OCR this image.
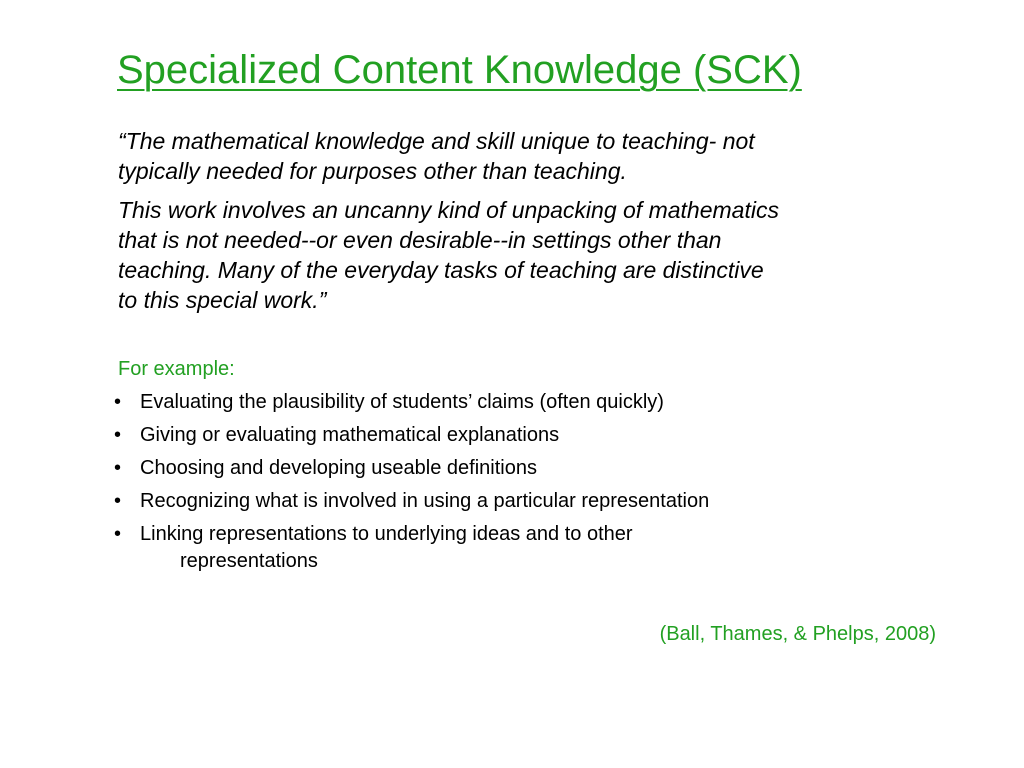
Specialized Content Knowledge (SCK)
“The mathematical knowledge and skill unique to teaching- not
typically needed for purposes other than teaching.
This work involves an uncanny kind of unpacking of mathematics
that is not needed--or even desirable--in settings other than
teaching. Many of the everyday tasks of teaching are distinctive
to this special work.”

For example:

• Evaluating the plausibility of students’ claims (often quickly)
• Giving or evaluating mathematical explanations
• Choosing and developing useable definitions
• Recognizing what is involved in using a particular representation
• Linking representations to underlying ideas and to other
representations

(Ball, Thames, & Phelps, 2008)
